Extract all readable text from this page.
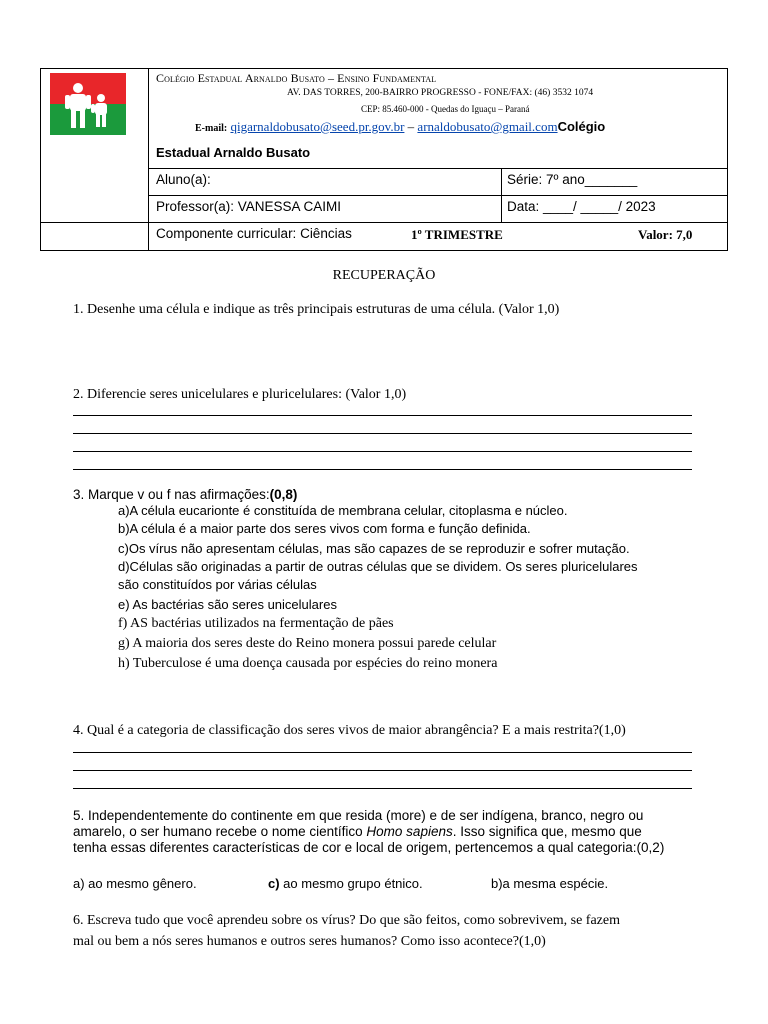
Colégio Estadual Arnaldo Busato – Ensino Fundamental
AV. DAS TORRES, 200-BAIRRO PROGRESSO - FONE/FAX: (46) 3532 1074
CEP: 85.460-000 - Quedas do Iguaçu – Paraná
E-mail: qigarnaldobusato@seed.pr.gov.br – arnaldobusato@gmail.comColégio
Estadual Arnaldo Busato
Aluno(a):	Série: 7º ano_______
Professor(a): VANESSA CAIMI	Data: ____/ _____/ 2023
Componente curricular: Ciências	1º TRIMESTRE	Valor: 7,0
RECUPERAÇÃO
1. Desenhe uma célula e indique as três principais estruturas de uma célula. (Valor 1,0)
2. Diferencie seres unicelulares e pluricelulares: (Valor 1,0)
3. Marque v ou f nas afirmações:(0,8)
a)A célula eucarionte é constituída de membrana celular, citoplasma e núcleo.
b)A célula é a maior parte dos seres vivos com forma e função definida.
c)Os vírus não apresentam células, mas são capazes de se reproduzir e sofrer mutação.
d)Células são originadas a partir de outras células que se dividem. Os seres pluricelulares
são constituídos por várias células
e) As bactérias são seres unicelulares
f) AS bactérias utilizados na fermentação de pães
g) A maioria dos seres deste do Reino monera possui parede celular
h) Tuberculose é uma doença causada por espécies do reino monera
4. Qual é a categoria de classificação dos seres vivos de maior abrangência? E a mais restrita?(1,0)
5. Independentemente do continente em que resida (more) e de ser indígena, branco, negro ou
amarelo, o ser humano recebe o nome científico Homo sapiens. Isso significa que, mesmo que
tenha essas diferentes características de cor e local de origem, pertencemos a qual categoria:(0,2)
a) ao mesmo gênero.	c) ao mesmo grupo étnico.	b)a mesma espécie.
6. Escreva tudo que você aprendeu sobre os vírus? Do que são feitos, como sobrevivem, se fazem
mal ou bem a nós seres humanos e outros seres humanos? Como isso acontece?(1,0)
